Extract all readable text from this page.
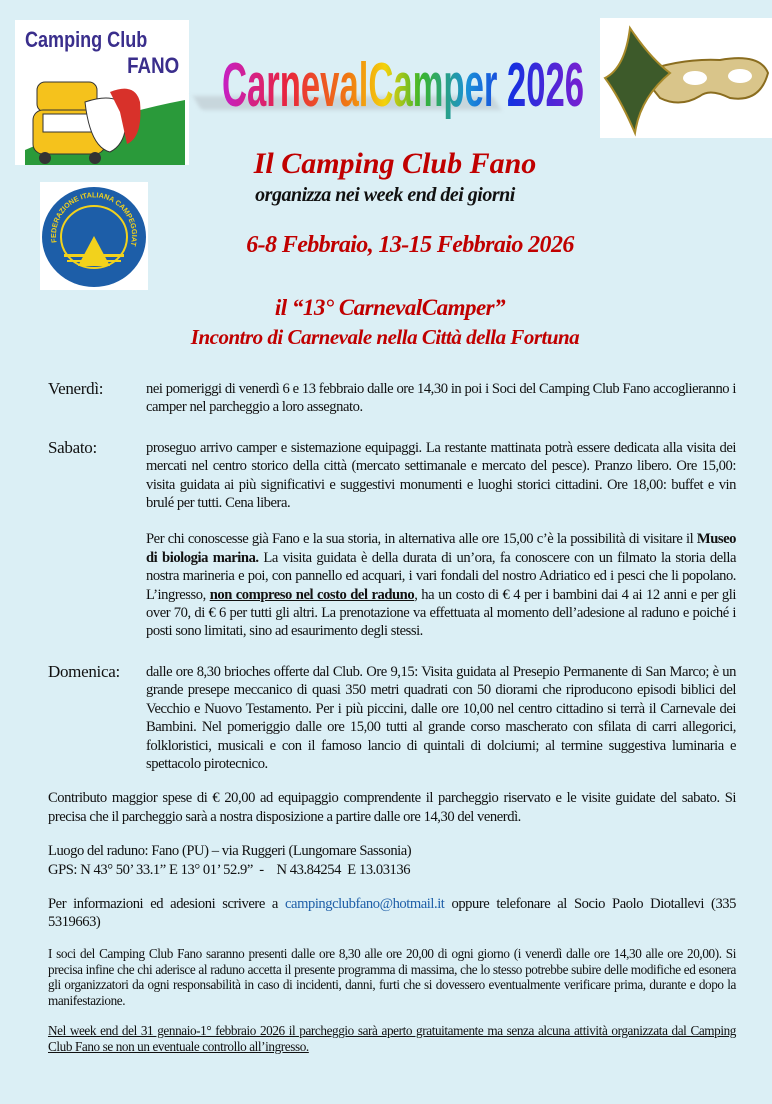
Camping Club
FANO CarnevalCamper 2026
FEDERAZIONE ITALIANA CAMPEGGIAT
Il Camping Club Fano
organizza nei week end dei giorni
6-8 Febbraio, 13-15 Febbraio 2026
il “13° CarnevalCamper”
Incontro di Carnevale nella Città della Fortuna
Venerdì:	nei pomeriggi di venerdì 6 e 13 febbraio dalle ore 14,30 in poi i Soci del Camping Club Fano accoglieranno i camper nel parcheggio a loro assegnato.
Sabato:	proseguo arrivo camper e sistemazione equipaggi. La restante mattinata potrà essere dedicata alla visita dei mercati nel centro storico della città (mercato settimanale e mercato del pesce). Pranzo libero. Ore 15,00: visita guidata ai più significativi e suggestivi monumenti e luoghi storici cittadini. Ore 18,00: buffet e vin brulé per tutti. Cena libera.
Per chi conoscesse già Fano e la sua storia, in alternativa alle ore 15,00 c’è la possibilità di visitare il Museo di biologia marina. La visita guidata è della durata di un’ora, fa conoscere con un filmato la storia della nostra marineria e poi, con pannello ed acquari, i vari fondali del nostro Adriatico ed i pesci che li popolano. L’ingresso, non compreso nel costo del raduno, ha un costo di € 4 per i bambini dai 4 ai 12 anni e per gli over 70, di € 6 per tutti gli altri. La prenotazione va effettuata al momento dell’adesione al raduno e poiché i posti sono limitati, sino ad esaurimento degli stessi.
Domenica: dalle ore 8,30 brioches offerte dal Club. Ore 9,15: Visita guidata al Presepio Permanente di San Marco; è un grande presepe meccanico di quasi 350 metri quadrati con 50 diorami che riproducono episodi biblici del Vecchio e Nuovo Testamento. Per i più piccini, dalle ore 10,00 nel centro cittadino si terrà il Carnevale dei Bambini. Nel pomeriggio dalle ore 15,00 tutti al grande corso mascherato con sfilata di carri allegorici, folkloristici, musicali e con il famoso lancio di quintali di dolciumi; al termine suggestiva luminaria e spettacolo pirotecnico.
Contributo maggior spese di € 20,00 ad equipaggio comprendente il parcheggio riservato e le visite guidate del sabato. Si precisa che il parcheggio sarà a nostra disposizione a partire dalle ore 14,30 del venerdì.
Luogo del raduno: Fano (PU) – via Ruggeri (Lungomare Sassonia)
GPS: N 43° 50’ 33.1” E 13° 01’ 52.9”  -    N 43.84254  E 13.03136
Per informazioni ed adesioni scrivere a campingclubfano@hotmail.it oppure telefonare al Socio Paolo Diotallevi (335 5319663)
I soci del Camping Club Fano saranno presenti dalle ore 8,30 alle ore 20,00 di ogni giorno (i venerdì dalle ore 14,30 alle ore 20,00). Si precisa infine che chi aderisce al raduno accetta il presente programma di massima, che lo stesso potrebbe subire delle modifiche ed esonera gli organizzatori da ogni responsabilità in caso di incidenti, danni, furti che si dovessero eventualmente verificare prima, durante e dopo la manifestazione.
Nel week end del 31 gennaio-1° febbraio 2026 il parcheggio sarà aperto gratuitamente ma senza alcuna attività organizzata dal Camping Club Fano se non un eventuale controllo all’ingresso.
